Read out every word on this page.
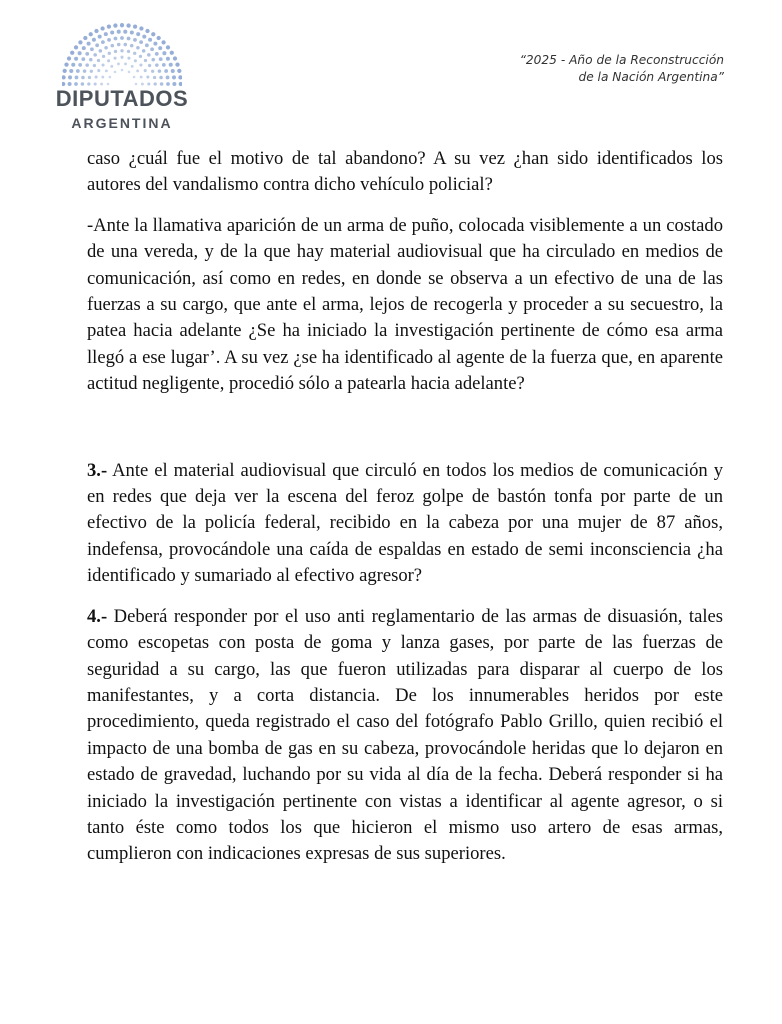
DIPUTADOS
ARGENTINA
“2025 - Año de la Reconstrucción
de la Nación Argentina”

caso ¿cuál fue el motivo de tal abandono? A su vez ¿han sido identificados los autores del vandalismo contra dicho vehículo policial?

-Ante la llamativa aparición de un arma de puño, colocada visiblemente a un costado de una vereda, y de la que hay material audiovisual que ha circulado en medios de comunicación, así como en redes, en donde se observa a un efectivo de una de las fuerzas a su cargo, que ante el arma, lejos de recogerla y proceder a su secuestro, la patea hacia adelante ¿Se ha iniciado la investigación pertinente de cómo esa arma llegó a ese lugar’. A su vez ¿se ha identificado al agente de la fuerza que, en aparente actitud negligente, procedió sólo a patearla hacia adelante?

3.- Ante el material audiovisual que circuló en todos los medios de comunicación y en redes que deja ver la escena del feroz golpe de bastón tonfa por parte de un efectivo de la policía federal, recibido en la cabeza por una mujer de 87 años, indefensa, provocándole una caída de espaldas en estado de semi inconsciencia ¿ha identificado y sumariado al efectivo agresor?

4.- Deberá responder por el uso anti reglamentario de las armas de disuasión, tales como escopetas con posta de goma y lanza gases, por parte de las fuerzas de seguridad a su cargo, las que fueron utilizadas para disparar al cuerpo de los manifestantes, y a corta distancia. De los innumerables heridos por este procedimiento, queda registrado el caso del fotógrafo Pablo Grillo, quien recibió el impacto de una bomba de gas en su cabeza, provocándole heridas que lo dejaron en estado de gravedad, luchando por su vida al día de la fecha. Deberá responder si ha iniciado la investigación pertinente con vistas a identificar al agente agresor, o si tanto éste como todos los que hicieron el mismo uso artero de esas armas, cumplieron con indicaciones expresas de sus superiores.
